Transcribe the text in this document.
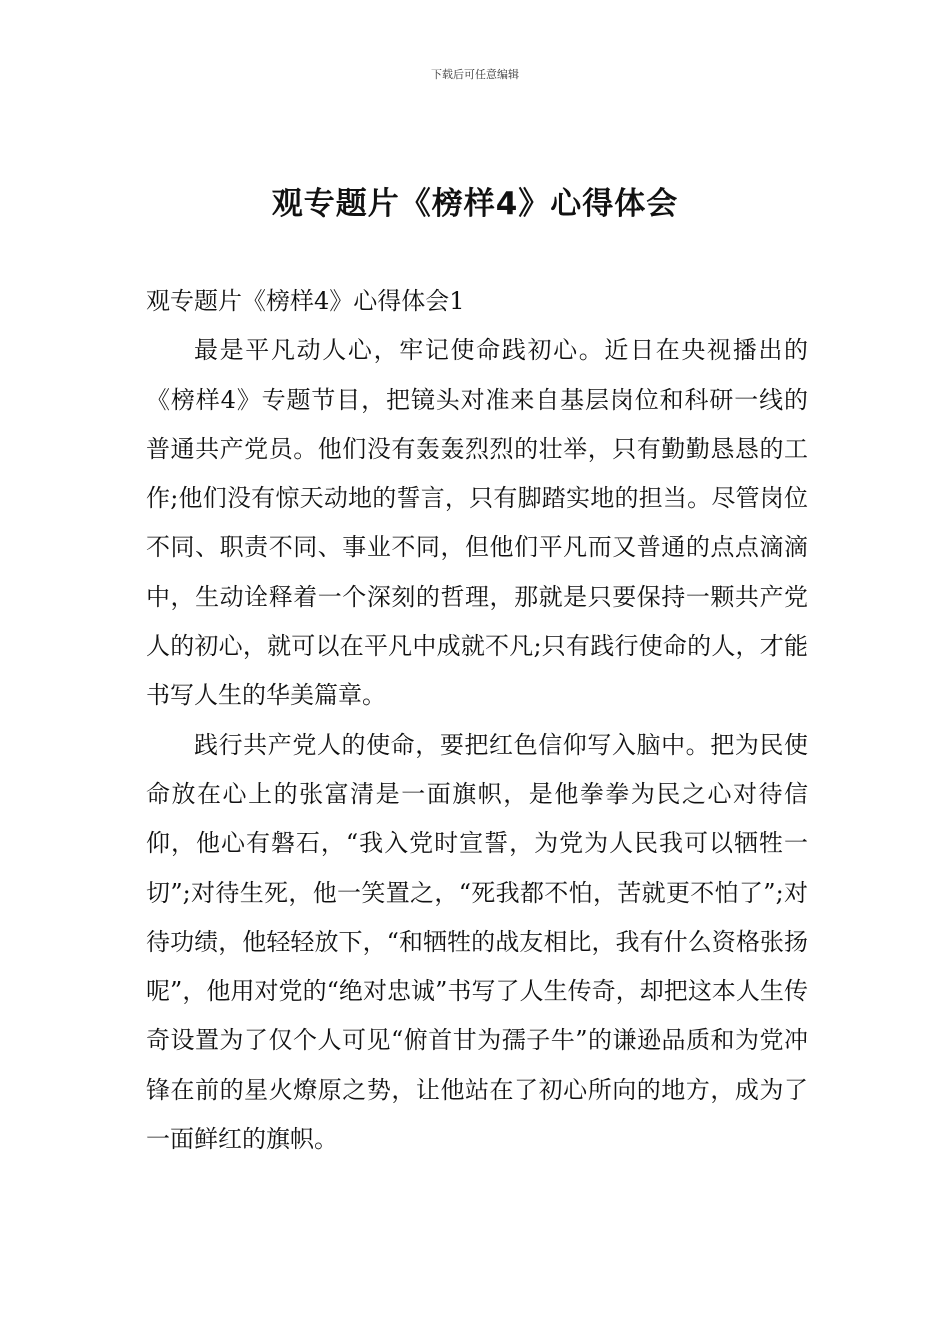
下载后可任意编辑
观专题片《榜样4》心得体会

观专题片《榜样4》心得体会1

最是平凡动人心，牢记使命践初心。近日在央视播出的《榜样4》专题节目，把镜头对准来自基层岗位和科研一线的普通共产党员。他们没有轰轰烈烈的壮举，只有勤勤恳恳的工作;他们没有惊天动地的誓言，只有脚踏实地的担当。尽管岗位不同、职责不同、事业不同，但他们平凡而又普通的点点滴滴中，生动诠释着一个深刻的哲理，那就是只要保持一颗共产党人的初心，就可以在平凡中成就不凡;只有践行使命的人，才能书写人生的华美篇章。

践行共产党人的使命，要把红色信仰写入脑中。把为民使命放在心上的张富清是一面旗帜，是他拳拳为民之心对待信仰，他心有磐石，“我入党时宣誓，为党为人民我可以牺牲一切”;对待生死，他一笑置之，“死我都不怕，苦就更不怕了”;对待功绩，他轻轻放下，“和牺牲的战友相比，我有什么资格张扬呢”，他用对党的“绝对忠诚”书写了人生传奇，却把这本人生传奇设置为了仅个人可见“俯首甘为孺子牛”的谦逊品质和为党冲锋在前的星火燎原之势，让他站在了初心所向的地方，成为了一面鲜红的旗帜。
